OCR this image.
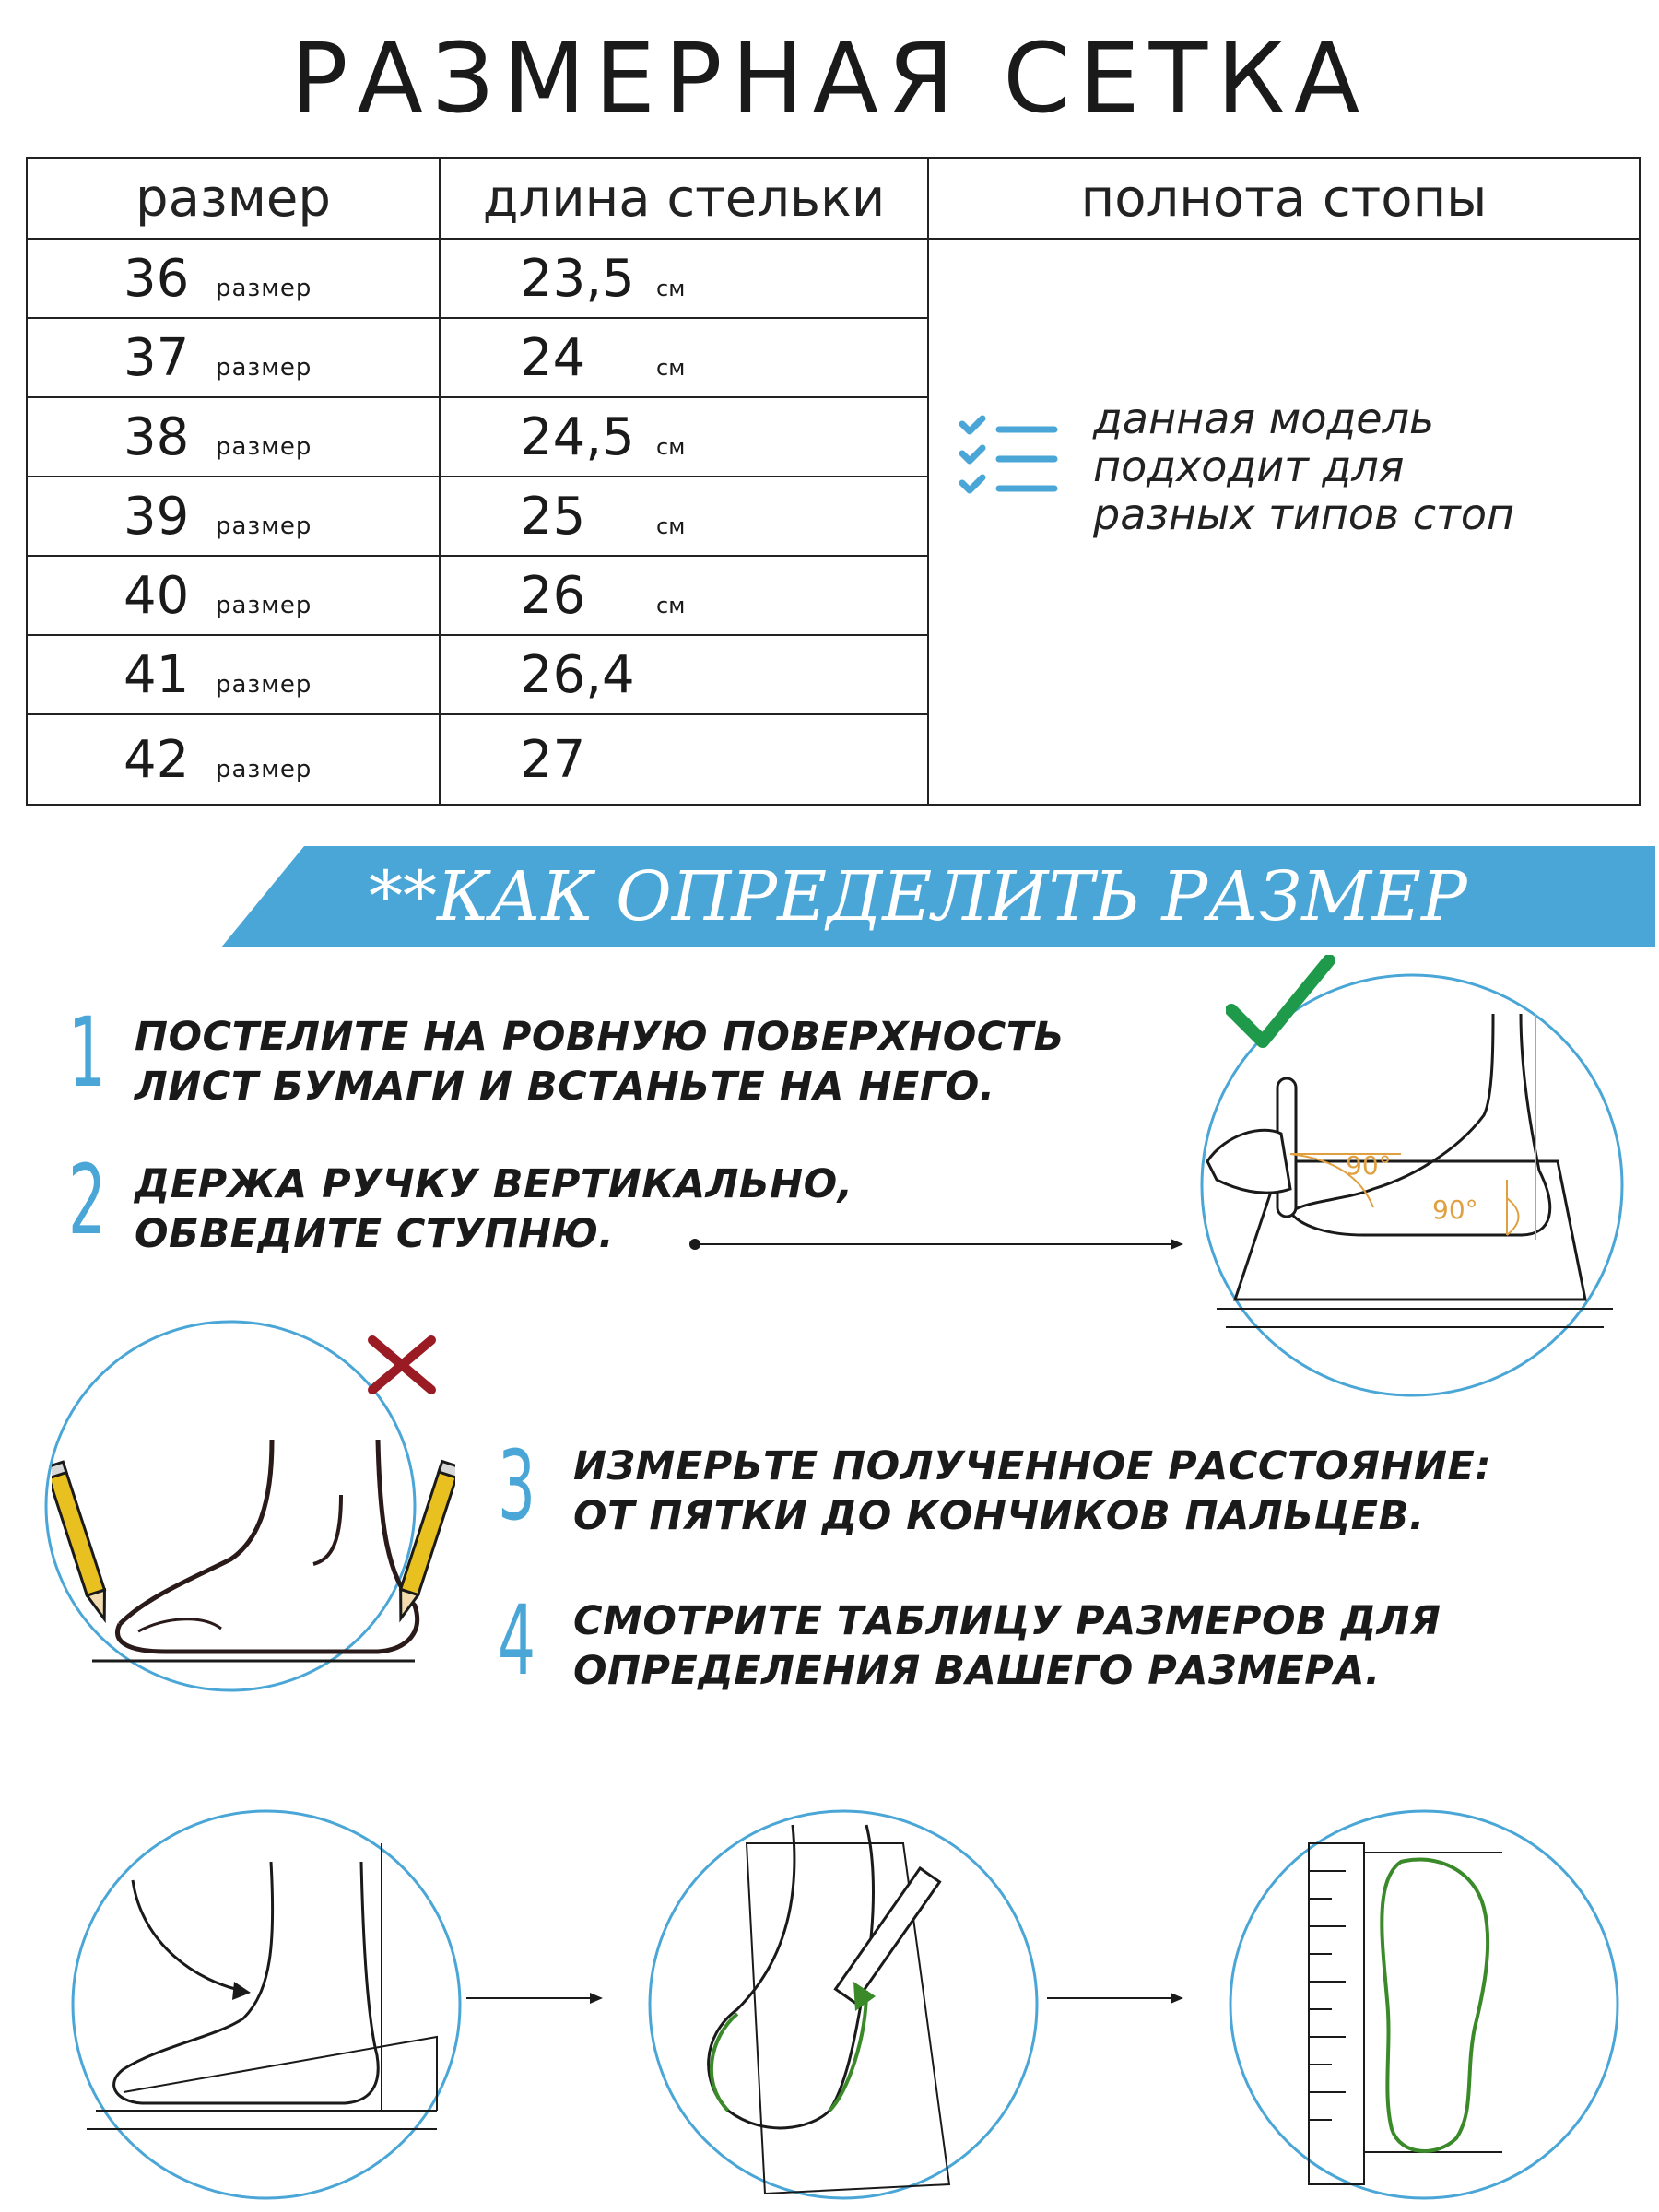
РАЗМЕРНАЯ СЕТКА
размер	длина стельки	полнота стопы
36 размер	23,5 см	данная модель
подходит для
разных типов стоп

37 размер	24 см	
38 размер	24,5 см	
39 размер	25 см	
40 размер	26 см	
41 размер	26,4	
42 размер	27	
**КАК ОПРЕДЕЛИТЬ РАЗМЕР НОГИ
1 ПОСТЕЛИТЕ НА РОВНУЮ ПОВЕРХНОСТЬ
ЛИСТ БУМАГИ И ВСТАНЬТЕ НА НЕГО.
2 ДЕРЖА РУЧКУ ВЕРТИКАЛЬНО,
ОБВЕДИТЕ СТУПНЮ.
90°
90°
3 ИЗМЕРЬТЕ ПОЛУЧЕННОЕ РАССТОЯНИЕ:
ОТ ПЯТКИ ДО КОНЧИКОВ ПАЛЬЦЕВ.
4 СМОТРИТЕ ТАБЛИЦУ РАЗМЕРОВ ДЛЯ
ОПРЕДЕЛЕНИЯ ВАШЕГО РАЗМЕРА.
